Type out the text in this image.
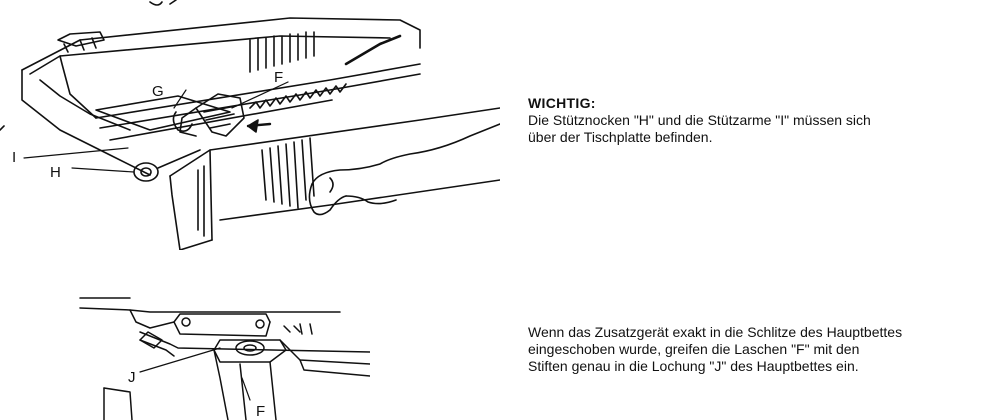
G
F
I
H
J
F
WICHTIG:
Die Stütznocken "H" und die Stützarme "I" müssen sich
über der Tischplatte befinden.
Wenn das Zusatzgerät exakt in die Schlitze des Hauptbettes
eingeschoben wurde, greifen die Laschen "F" mit den
Stiften genau in die Lochung "J" des Hauptbettes ein.
